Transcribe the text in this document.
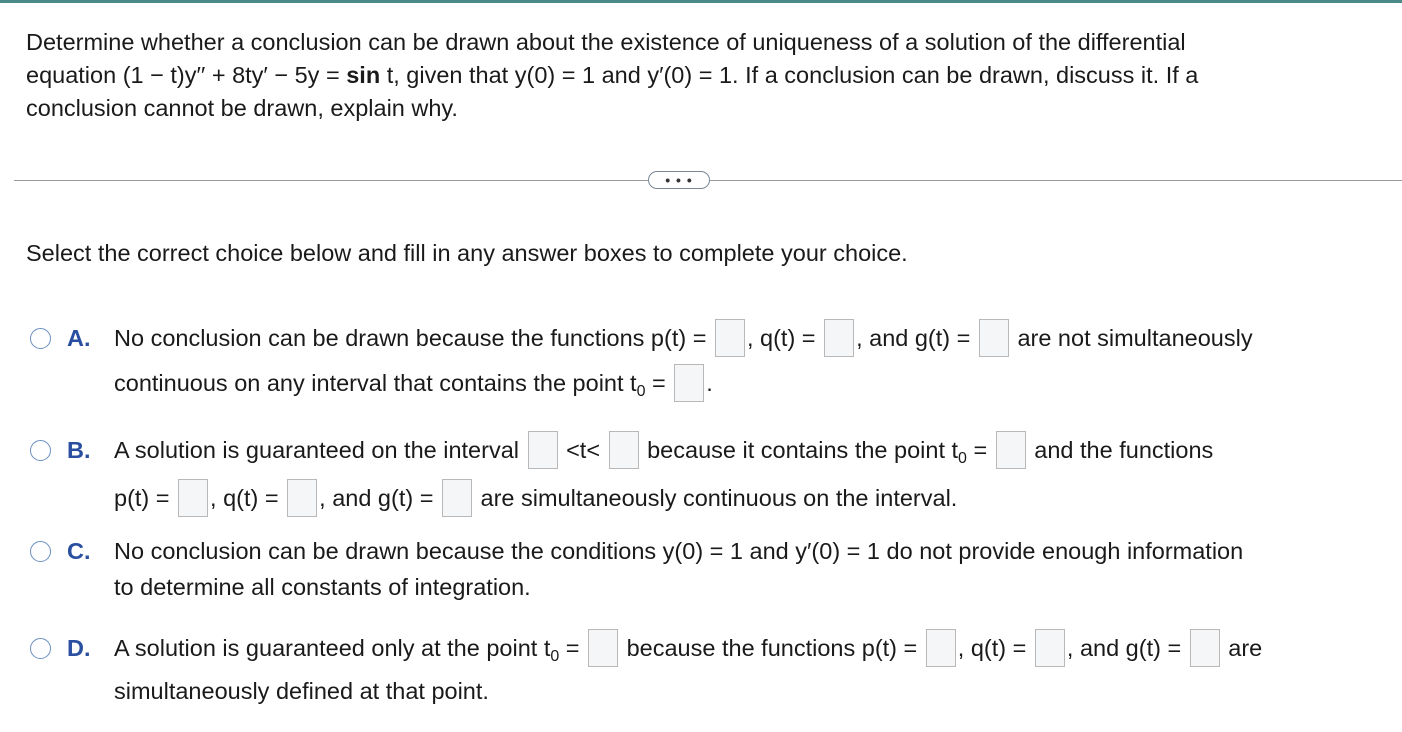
Determine whether a conclusion can be drawn about the existence of uniqueness of a solution of the differential
equation (1 − t)y′′ + 8ty′ − 5y = sin t, given that y(0) = 1 and y′(0) = 1. If a conclusion can be drawn, discuss it. If a
conclusion cannot be drawn, explain why.
• • •
Select the correct choice below and fill in any answer boxes to complete your choice.
A. No conclusion can be drawn because the functions p(t) = , q(t) = , and g(t) = are not simultaneously
continuous on any interval that contains the point $t_0$ = .
B. A solution is guaranteed on the interval <t< because it contains the point $t_0$ = and the functions
p(t) = , q(t) = , and g(t) = are simultaneously continuous on the interval.
C. No conclusion can be drawn because the conditions y(0) = 1 and y′(0) = 1 do not provide enough information
to determine all constants of integration.
D. A solution is guaranteed only at the point $t_0$ = because the functions p(t) = , q(t) = , and g(t) = are
simultaneously defined at that point.
